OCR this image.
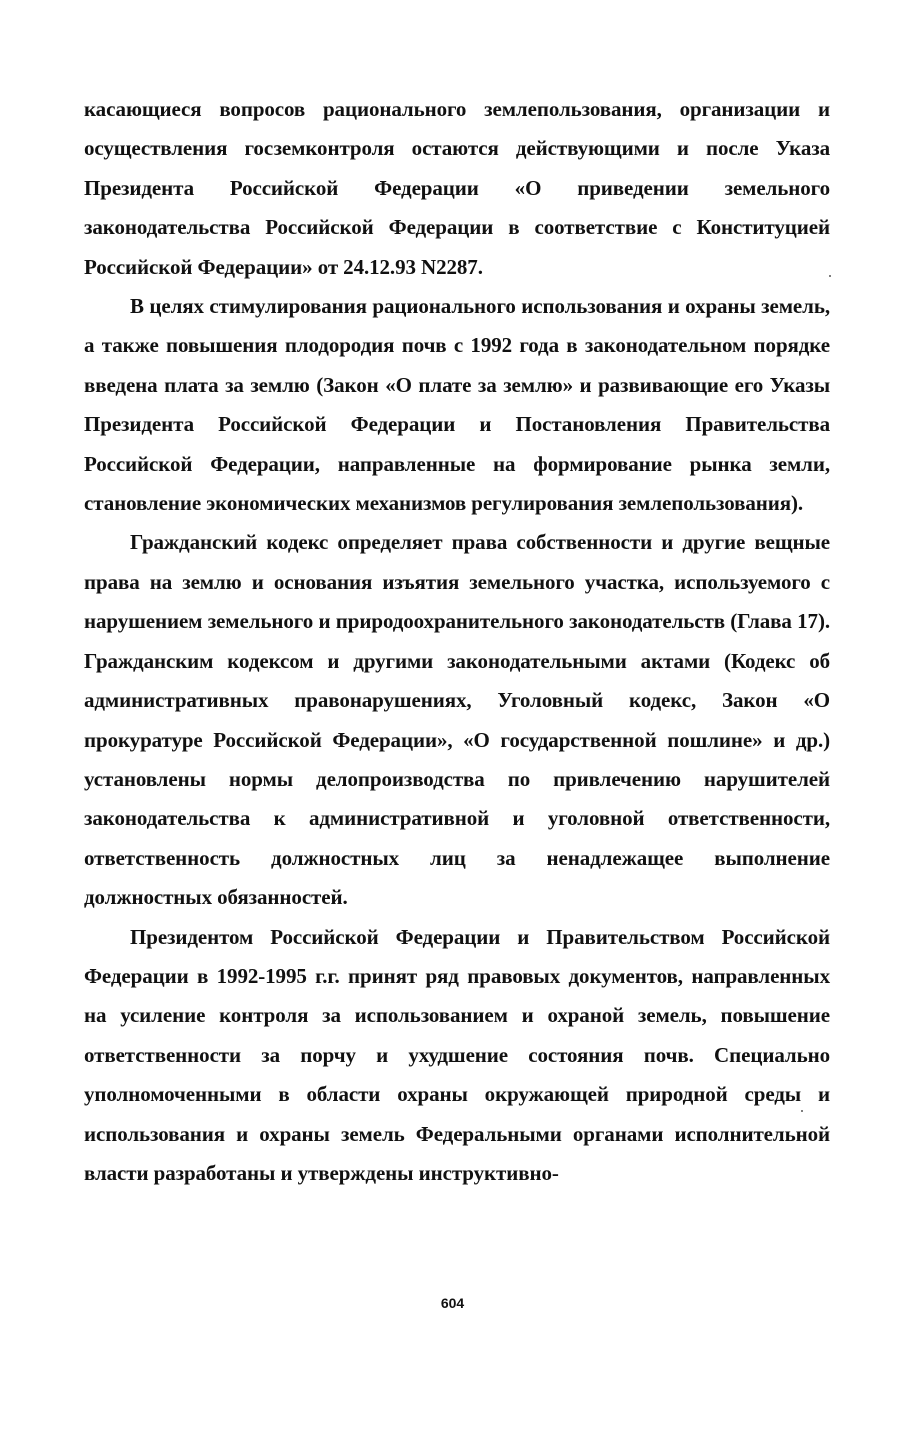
касающиеся вопросов рационального землепользования, организации и осуществления госземконтроля остаются действующими и после Указа Президента Российской Федерации «О приведении земельного законодательства Российской Федерации в соответствие с Конституцией Российской Федерации» от 24.12.93 N2287.

В целях стимулирования рационального использования и охраны земель, а также повышения плодородия почв с 1992 года в законодательном порядке введена плата за землю (Закон «О плате за землю» и развивающие его Указы Президента Российской Федерации и Постановления Правительства Российской Федерации, направленные на формирование рынка земли, становление экономических механизмов регулирования землепользования).

Гражданский кодекс определяет права собственности и другие вещные права на землю и основания изъятия земельного участка, используемого с нарушением земельного и природоохранительного законодательств (Глава 17). Гражданским кодексом и другими законодательными актами (Кодекс об административных правонарушениях, Уголовный кодекс, Закон «О прокуратуре Российской Федерации», «О государственной пошлине» и др.) установлены нормы делопроизводства по привлечению нарушителей законодательства к административной и уголовной ответственности, ответственность должностных лиц за ненадлежащее выполнение должностных обязанностей.

Президентом Российской Федерации и Правительством Российской Федерации в 1992-1995 г.г. принят ряд правовых документов, направленных на усиление контроля за использованием и охраной земель, повышение ответственности за порчу и ухудшение состояния почв. Специально уполномоченными в области охраны окружающей природной среды и использования и охраны земель Федеральными органами исполнительной власти разработаны и утверждены инструктивно-

604
